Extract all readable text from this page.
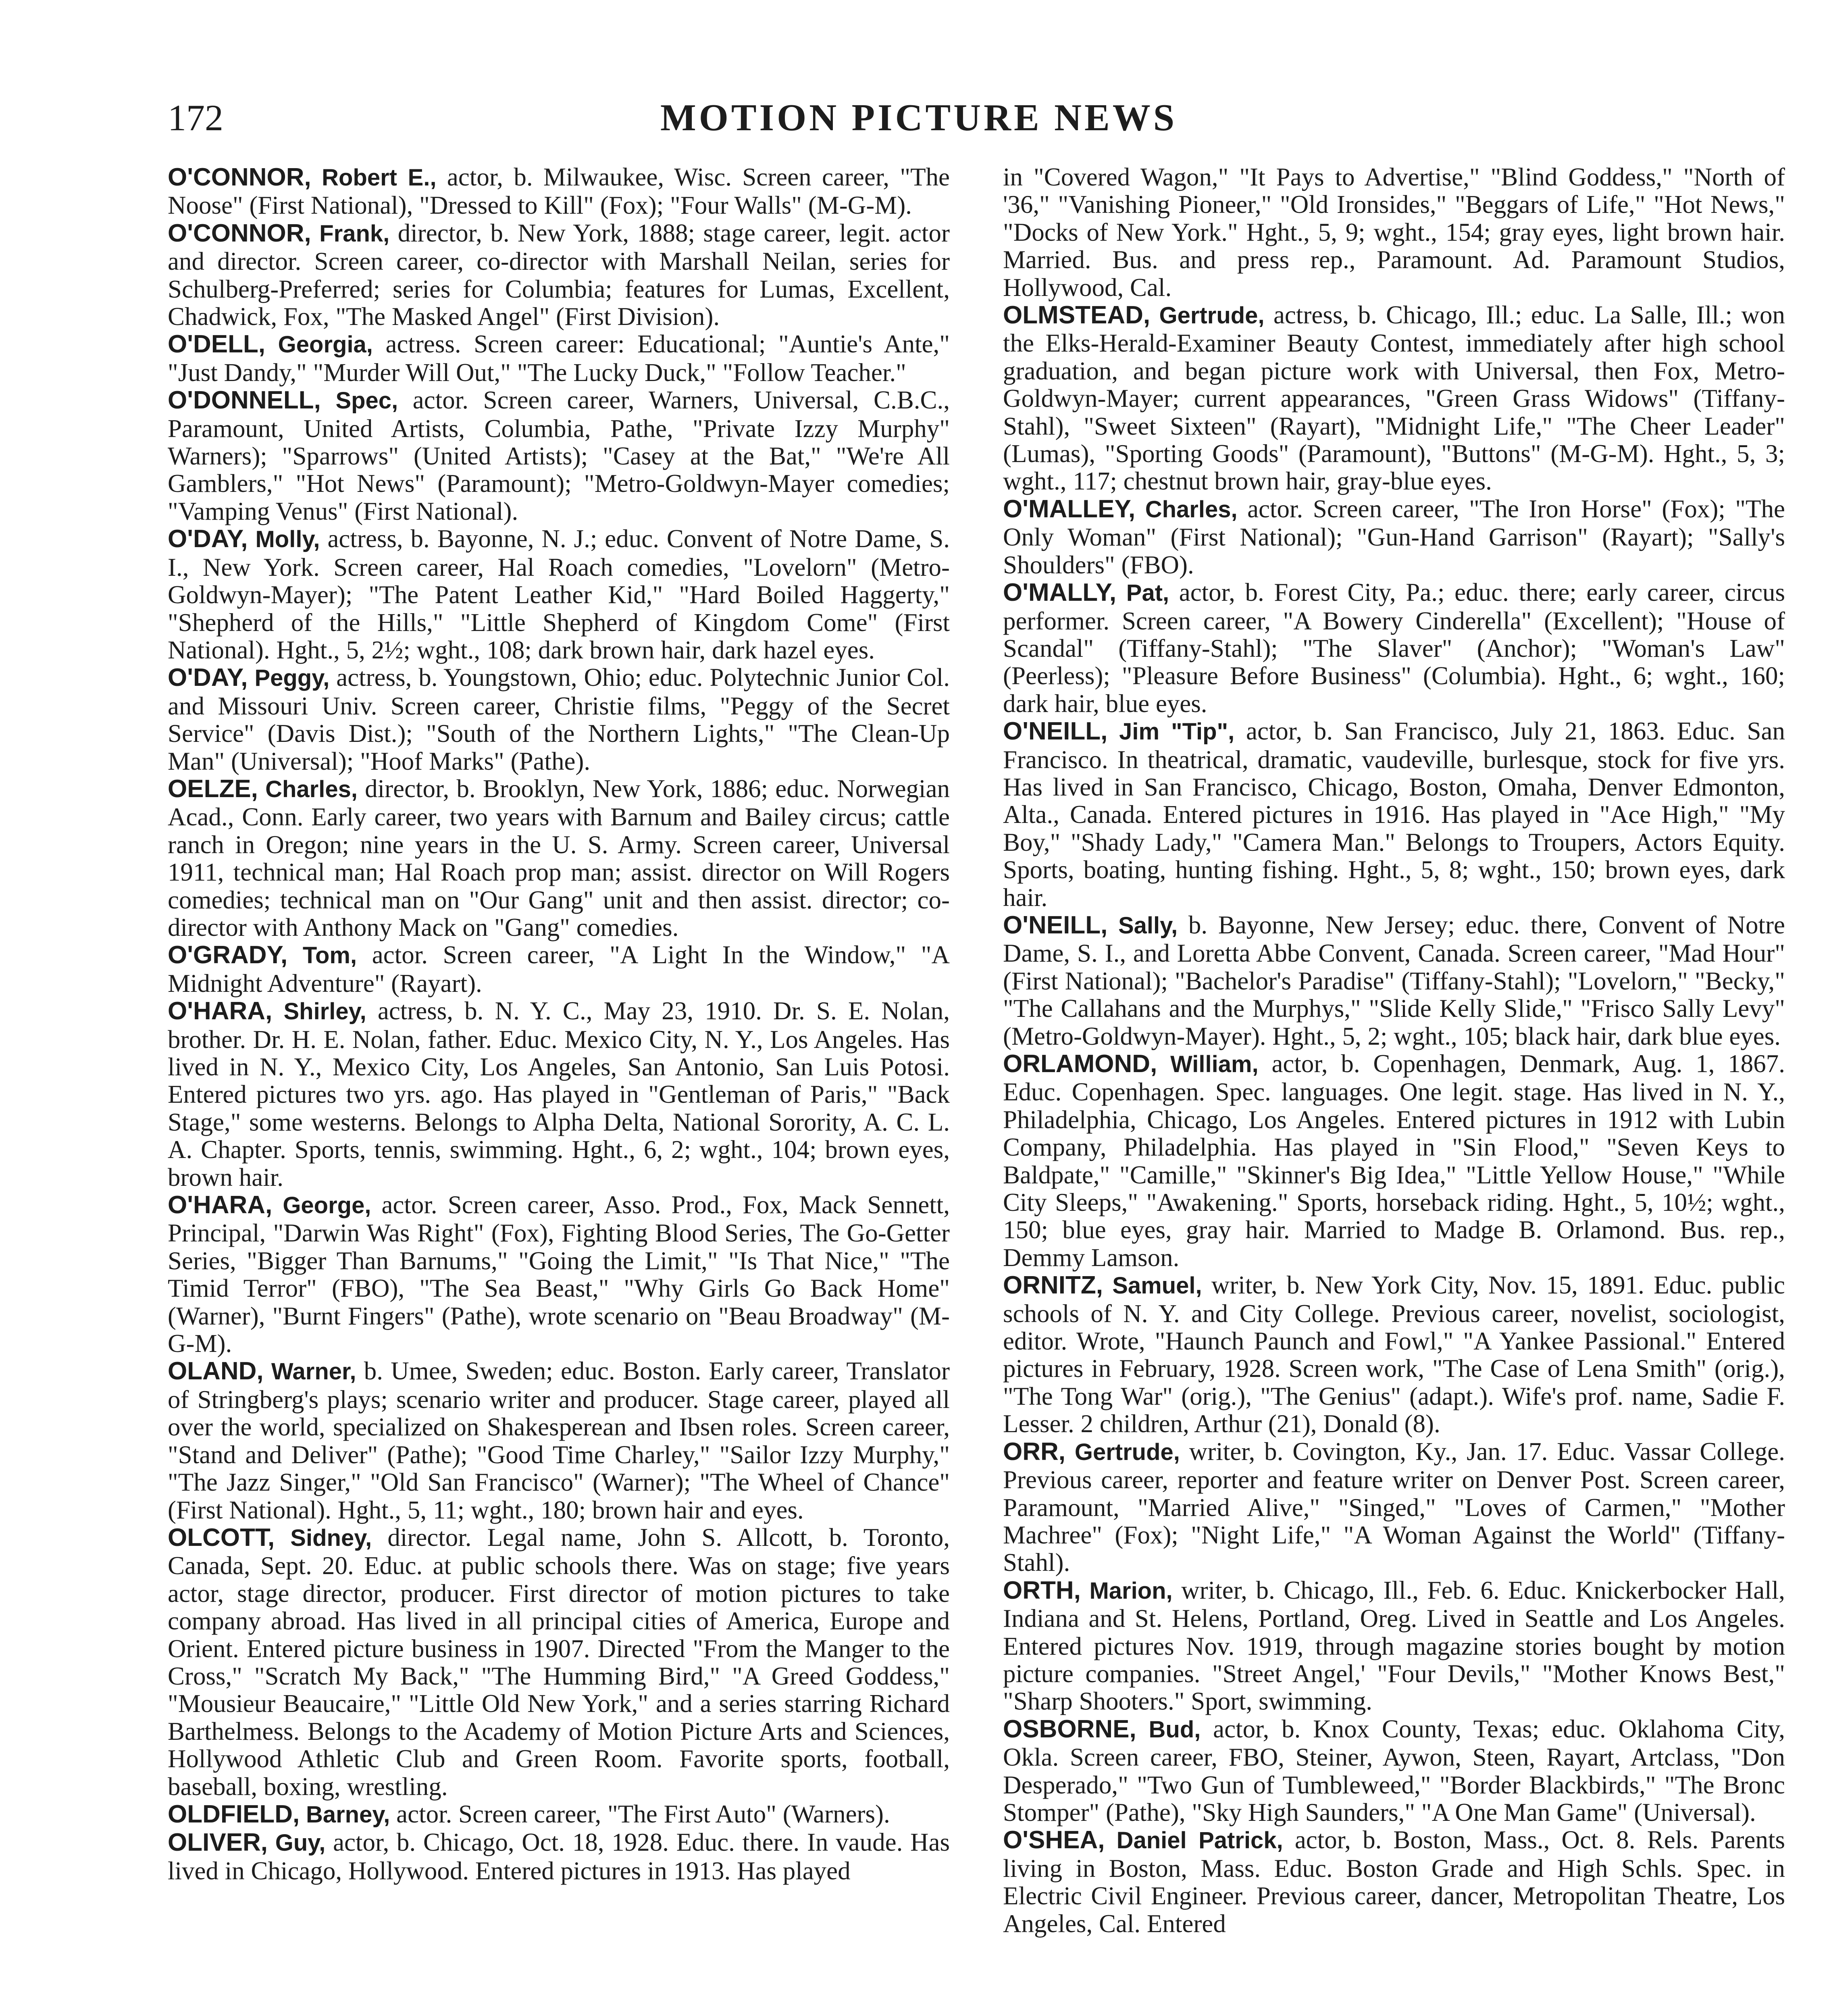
172	MOTION PICTURE NEWS

O'CONNOR, Robert E., actor, b. Milwaukee, Wisc. Screen career, "The Noose" (First National), "Dressed to Kill" (Fox); "Four Walls" (M-G-M).

O'CONNOR, Frank, director, b. New York, 1888; stage career, legit. actor and director. Screen career, co-director with Marshall Neilan, series for Schulberg-Preferred; series for Columbia; features for Lumas, Excellent, Chadwick, Fox, "The Masked Angel" (First Division).

O'DELL, Georgia, actress. Screen career: Educational; "Auntie's Ante," "Just Dandy," "Murder Will Out," "The Lucky Duck," "Follow Teacher."

O'DONNELL, Spec, actor. Screen career, Warners, Universal, C.B.C., Paramount, United Artists, Columbia, Pathe, "Private Izzy Murphy" Warners); "Sparrows" (United Artists); "Casey at the Bat," "We're All Gamblers," "Hot News" (Paramount); "Metro-Goldwyn-Mayer comedies; "Vamping Venus" (First National).

O'DAY, Molly, actress, b. Bayonne, N. J.; educ. Convent of Notre Dame, S. I., New York. Screen career, Hal Roach comedies, "Lovelorn" (Metro-Goldwyn-Mayer); "The Patent Leather Kid," "Hard Boiled Haggerty," "Shepherd of the Hills," "Little Shepherd of Kingdom Come" (First National). Hght., 5, 2½; wght., 108; dark brown hair, dark hazel eyes.

O'DAY, Peggy, actress, b. Youngstown, Ohio; educ. Polytechnic Junior Col. and Missouri Univ. Screen career, Christie films, "Peggy of the Secret Service" (Davis Dist.); "South of the Northern Lights," "The Clean-Up Man" (Universal); "Hoof Marks" (Pathe).

OELZE, Charles, director, b. Brooklyn, New York, 1886; educ. Norwegian Acad., Conn. Early career, two years with Barnum and Bailey circus; cattle ranch in Oregon; nine years in the U. S. Army. Screen career, Universal 1911, technical man; Hal Roach prop man; assist. director on Will Rogers comedies; technical man on "Our Gang" unit and then assist. director; co-director with Anthony Mack on "Gang" comedies.

O'GRADY, Tom, actor. Screen career, "A Light In the Window," "A Midnight Adventure" (Rayart).

O'HARA, Shirley, actress, b. N. Y. C., May 23, 1910. Dr. S. E. Nolan, brother. Dr. H. E. Nolan, father. Educ. Mexico City, N. Y., Los Angeles. Has lived in N. Y., Mexico City, Los Angeles, San Antonio, San Luis Potosi. Entered pictures two yrs. ago. Has played in "Gentleman of Paris," "Back Stage," some westerns. Belongs to Alpha Delta, National Sorority, A. C. L. A. Chapter. Sports, tennis, swimming. Hght., 6, 2; wght., 104; brown eyes, brown hair.

O'HARA, George, actor. Screen career, Asso. Prod., Fox, Mack Sennett, Principal, "Darwin Was Right" (Fox), Fighting Blood Series, The Go-Getter Series, "Bigger Than Barnums," "Going the Limit," "Is That Nice," "The Timid Terror" (FBO), "The Sea Beast," "Why Girls Go Back Home" (Warner), "Burnt Fingers" (Pathe), wrote scenario on "Beau Broadway" (M-G-M).

OLAND, Warner, b. Umee, Sweden; educ. Boston. Early career, Translator of Stringberg's plays; scenario writer and producer. Stage career, played all over the world, specialized on Shakesperean and Ibsen roles. Screen career, "Stand and Deliver" (Pathe); "Good Time Charley," "Sailor Izzy Murphy," "The Jazz Singer," "Old San Francisco" (Warner); "The Wheel of Chance" (First National). Hght., 5, 11; wght., 180; brown hair and eyes.

OLCOTT, Sidney, director. Legal name, John S. Allcott, b. Toronto, Canada, Sept. 20. Educ. at public schools there. Was on stage; five years actor, stage director, producer. First director of motion pictures to take company abroad. Has lived in all principal cities of America, Europe and Orient. Entered picture business in 1907. Directed "From the Manger to the Cross," "Scratch My Back," "The Humming Bird," "A Greed Goddess," "Mousieur Beaucaire," "Little Old New York," and a series starring Richard Barthelmess. Belongs to the Academy of Motion Picture Arts and Sciences, Hollywood Athletic Club and Green Room. Favorite sports, football, baseball, boxing, wrestling.

OLDFIELD, Barney, actor. Screen career, "The First Auto" (Warners).

OLIVER, Guy, actor, b. Chicago, Oct. 18, 1928. Educ. there. In vaude. Has lived in Chicago, Hollywood. Entered pictures in 1913. Has played

in "Covered Wagon," "It Pays to Advertise," "Blind Goddess," "North of '36," "Vanishing Pioneer," "Old Ironsides," "Beggars of Life," "Hot News," "Docks of New York." Hght., 5, 9; wght., 154; gray eyes, light brown hair. Married. Bus. and press rep., Paramount. Ad. Paramount Studios, Hollywood, Cal.

OLMSTEAD, Gertrude, actress, b. Chicago, Ill.; educ. La Salle, Ill.; won the Elks-Herald-Examiner Beauty Contest, immediately after high school graduation, and began picture work with Universal, then Fox, Metro-Goldwyn-Mayer; current appearances, "Green Grass Widows" (Tiffany-Stahl), "Sweet Sixteen" (Rayart), "Midnight Life," "The Cheer Leader" (Lumas), "Sporting Goods" (Paramount), "Buttons" (M-G-M). Hght., 5, 3; wght., 117; chestnut brown hair, gray-blue eyes.

O'MALLEY, Charles, actor. Screen career, "The Iron Horse" (Fox); "The Only Woman" (First National); "Gun-Hand Garrison" (Rayart); "Sally's Shoulders" (FBO).

O'MALLY, Pat, actor, b. Forest City, Pa.; educ. there; early career, circus performer. Screen career, "A Bowery Cinderella" (Excellent); "House of Scandal" (Tiffany-Stahl); "The Slaver" (Anchor); "Woman's Law" (Peerless); "Pleasure Before Business" (Columbia). Hght., 6; wght., 160; dark hair, blue eyes.

O'NEILL, Jim "Tip", actor, b. San Francisco, July 21, 1863. Educ. San Francisco. In theatrical, dramatic, vaudeville, burlesque, stock for five yrs. Has lived in San Francisco, Chicago, Boston, Omaha, Denver Edmonton, Alta., Canada. Entered pictures in 1916. Has played in "Ace High," "My Boy," "Shady Lady," "Camera Man." Belongs to Troupers, Actors Equity. Sports, boating, hunting fishing. Hght., 5, 8; wght., 150; brown eyes, dark hair.

O'NEILL, Sally, b. Bayonne, New Jersey; educ. there, Convent of Notre Dame, S. I., and Loretta Abbe Convent, Canada. Screen career, "Mad Hour" (First National); "Bachelor's Paradise" (Tiffany-Stahl); "Lovelorn," "Becky," "The Callahans and the Murphys," "Slide Kelly Slide," "Frisco Sally Levy" (Metro-Goldwyn-Mayer). Hght., 5, 2; wght., 105; black hair, dark blue eyes.

ORLAMOND, William, actor, b. Copenhagen, Denmark, Aug. 1, 1867. Educ. Copenhagen. Spec. languages. One legit. stage. Has lived in N. Y., Philadelphia, Chicago, Los Angeles. Entered pictures in 1912 with Lubin Company, Philadelphia. Has played in "Sin Flood," "Seven Keys to Baldpate," "Camille," "Skinner's Big Idea," "Little Yellow House," "While City Sleeps," "Awakening." Sports, horseback riding. Hght., 5, 10½; wght., 150; blue eyes, gray hair. Married to Madge B. Orlamond. Bus. rep., Demmy Lamson.

ORNITZ, Samuel, writer, b. New York City, Nov. 15, 1891. Educ. public schools of N. Y. and City College. Previous career, novelist, sociologist, editor. Wrote, "Haunch Paunch and Fowl," "A Yankee Passional." Entered pictures in February, 1928. Screen work, "The Case of Lena Smith" (orig.), "The Tong War" (orig.), "The Genius" (adapt.). Wife's prof. name, Sadie F. Lesser. 2 children, Arthur (21), Donald (8).

ORR, Gertrude, writer, b. Covington, Ky., Jan. 17. Educ. Vassar College. Previous career, reporter and feature writer on Denver Post. Screen career, Paramount, "Married Alive," "Singed," "Loves of Carmen," "Mother Machree" (Fox); "Night Life," "A Woman Against the World" (Tiffany-Stahl).

ORTH, Marion, writer, b. Chicago, Ill., Feb. 6. Educ. Knickerbocker Hall, Indiana and St. Helens, Portland, Oreg. Lived in Seattle and Los Angeles. Entered pictures Nov. 1919, through magazine stories bought by motion picture companies. "Street Angel,' "Four Devils," "Mother Knows Best," "Sharp Shooters." Sport, swimming.

OSBORNE, Bud, actor, b. Knox County, Texas; educ. Oklahoma City, Okla. Screen career, FBO, Steiner, Aywon, Steen, Rayart, Artclass, "Don Desperado," "Two Gun of Tumbleweed," "Border Blackbirds," "The Bronc Stomper" (Pathe), "Sky High Saunders," "A One Man Game" (Universal).

O'SHEA, Daniel Patrick, actor, b. Boston, Mass., Oct. 8. Rels. Parents living in Boston, Mass. Educ. Boston Grade and High Schls. Spec. in Electric Civil Engineer. Previous career, dancer, Metropolitan Theatre, Los Angeles, Cal. Entered
